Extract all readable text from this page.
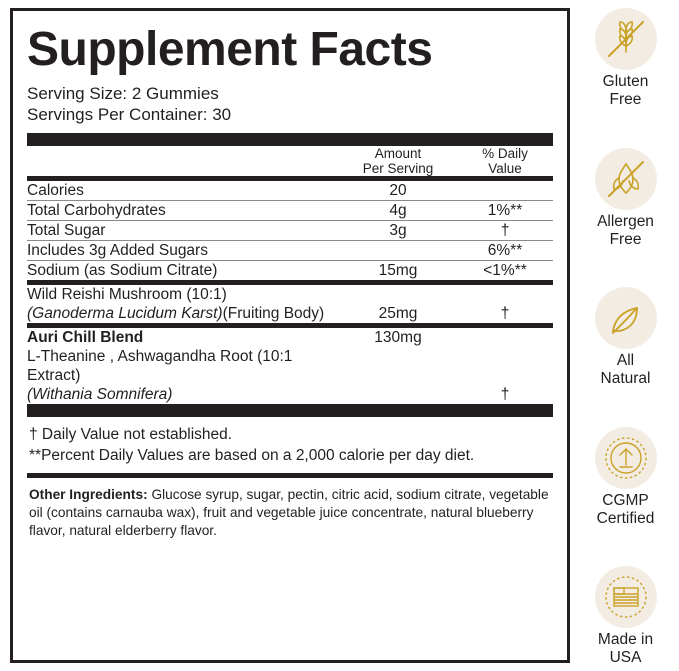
Supplement Facts
Serving Size: 2 Gummies
Servings Per Container: 30

Amount
Per Serving

% Daily
Value
Calories	20	
Total Carbohydrates	4g	1%**
Total Sugar	3g	†
Includes 3g Added Sugars		6%**
Sodium (as Sodium Citrate)	15mg	<1%**
Wild Reishi Mushroom (10:1)
(Ganoderma Lucidum Karst)(Fruiting Body)	25mg	†
Auri Chill Blend	130mg	

L-Theanine , Ashwagandha Root (10:1 Extract)
(Withania Somnifera)		†
† Daily Value not established.
**Percent Daily Values are based on a 2,000 calorie per day diet.
Other Ingredients: Glucose syrup, sugar, pectin, citric acid, sodium citrate, vegetable oil (contains carnauba wax), fruit and vegetable juice concentrate, natural blueberry flavor, natural elderberry flavor.
Gluten
Free
Allergen
Free
All
Natural
CGMP
Certified
Made in
USA
